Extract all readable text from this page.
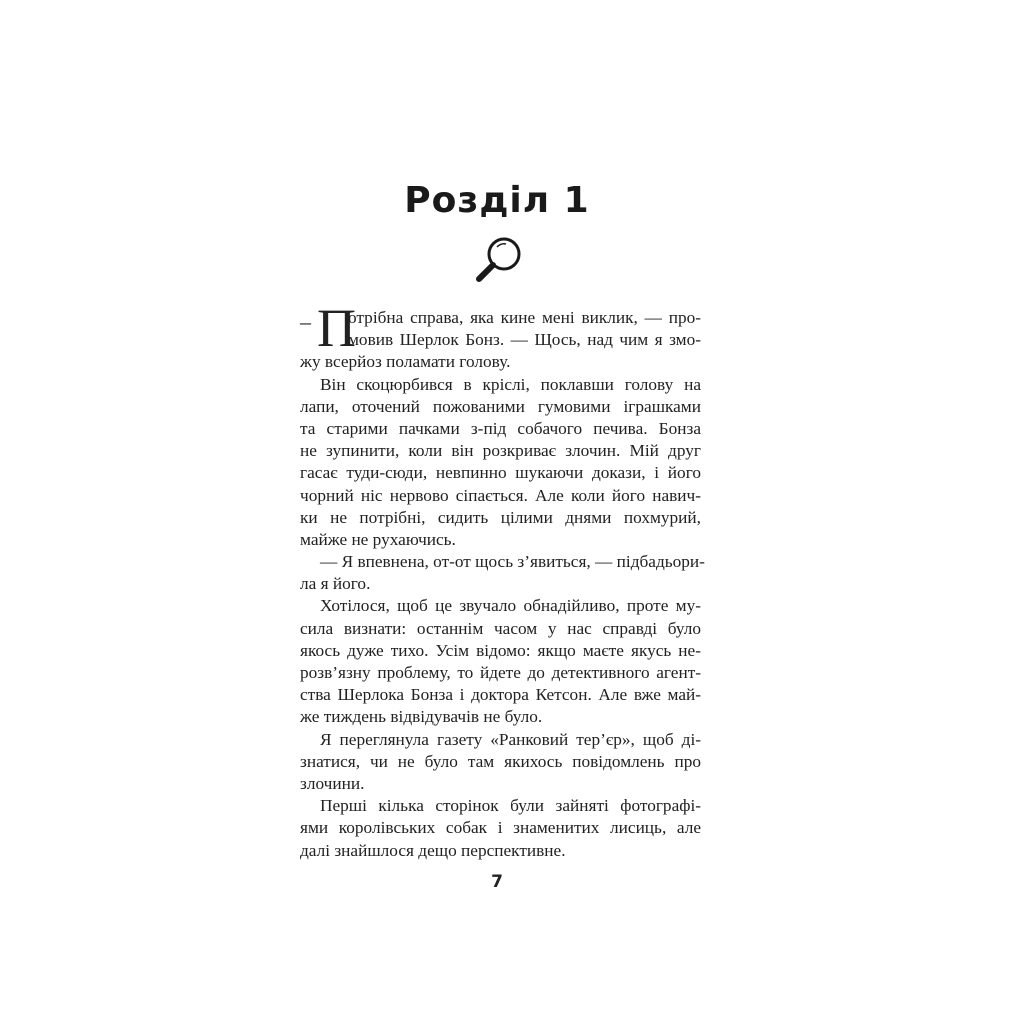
Розділ 1
– П
отрібна справа, яка кине мені виклик, — про-
мовив Шерлок Бонз. — Щось, над чим я змо-
жу всерйоз поламати голову.
Він скоцюрбився в кріслі, поклавши голову на
лапи, оточений пожованими гумовими іграшками
та старими пачками з-під собачого печива. Бонза
не зупинити, коли він розкриває злочин. Мій друг
гасає туди-сюди, невпинно шукаючи докази, і його
чорний ніс нервово сіпається. Але коли його навич-
ки не потрібні, сидить цілими днями похмурий,
майже не рухаючись.
— Я впевнена, от-от щось з’явиться, — підбадьори-
ла я його.
Хотілося, щоб це звучало обнадійливо, проте му-
сила визнати: останнім часом у нас справді було
якось дуже тихо. Усім відомо: якщо маєте якусь не-
розв’язну проблему, то йдете до детективного агент-
ства Шерлока Бонза і доктора Кетсон. Але вже май-
же тиждень відвідувачів не було.
Я переглянула газету «Ранковий тер’єр», щоб ді-
знатися, чи не було там якихось повідомлень про
злочини.
Перші кілька сторінок були зайняті фотографі-
ями королівських собак і знаменитих лисиць, але
далі знайшлося дещо перспективне.
7
